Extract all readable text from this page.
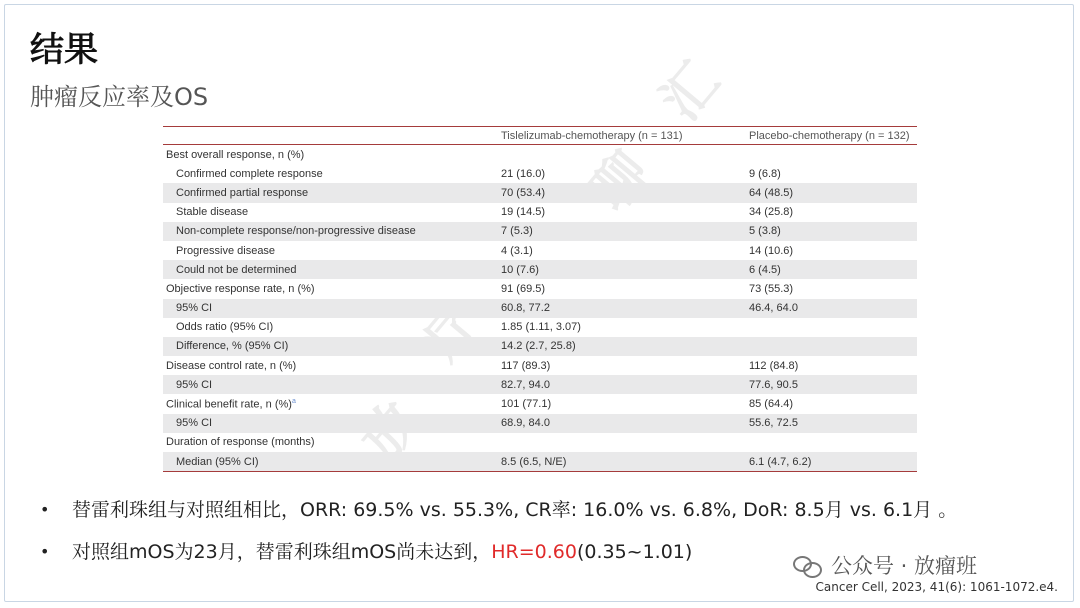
结果
肿瘤反应率及OS	汇
聊
疗
	Tislelizumab-chemotherapy (n = 131)	Placebo-chemotherapy (n = 132)
Best overall response, n (%)		
Confirmed complete response	21 (16.0)	9 (6.8)
Confirmed partial response	70 (53.4)	64 (48.5)
Stable disease	19 (14.5)	34 (25.8)
Non-complete response/non-progressive disease	7 (5.3)	5 (3.8)
Progressive disease	4 (3.1)	14 (10.6)
Could not be determined	10 (7.6)	6 (4.5)
Objective response rate, n (%)	91 (69.5)	73 (55.3)
95% CI	60.8, 77.2	46.4, 64.0
Odds ratio (95% CI)	1.85 (1.11, 3.07)	
Difference, % (95% CI)	14.2 (2.7, 25.8)	
Disease control rate, n (%)	117 (89.3)	112 (84.8)
95% CI	82.7, 94.0	77.6, 90.5
Clinical benefit rate, n (%)$^a$	101 (77.1)	85 (64.4)
95% CI	68.9, 84.0	55.6, 72.5
Duration of response (months)		
Median (95% CI)	8.5 (6.5, N/E)	6.1 (4.7, 6.2)
• 替雷利珠组与对照组相比，ORR: 69.5% vs. 55.3%, CR率: 16.0% vs. 6.8%, DoR: 8.5月 vs. 6.1月 。
• 对照组mOS为23月，替雷利珠组mOS尚未达到，HR=0.60(0.35~1.01)
公众号 · 放瘤班
Cancer Cell, 2023, 41(6): 1061-1072.e4.
